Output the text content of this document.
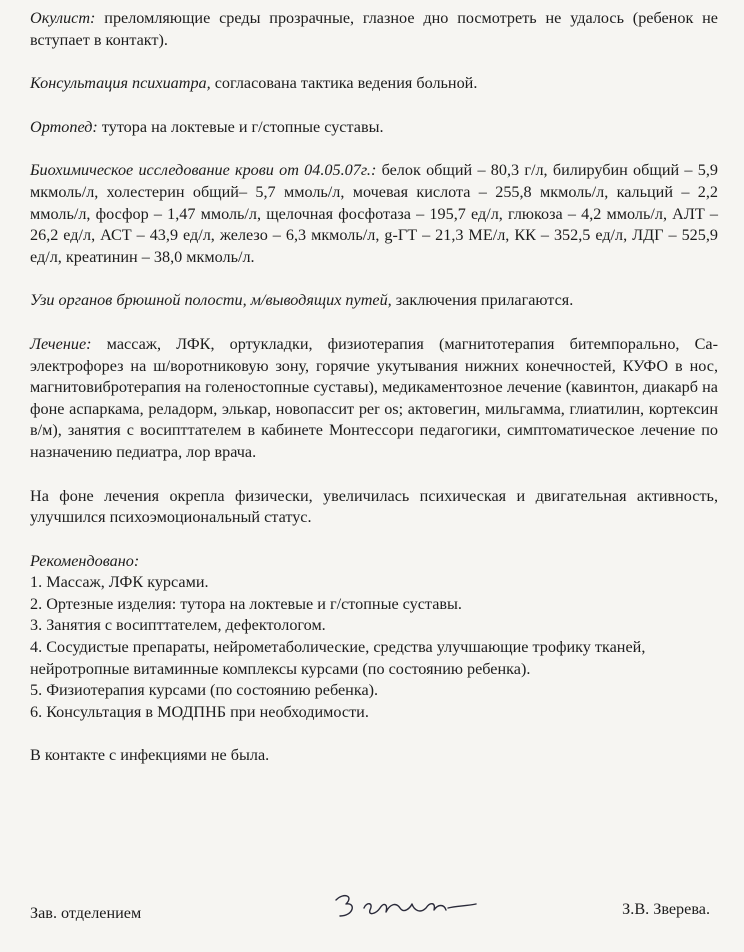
Окулист: преломляющие среды прозрачные, глазное дно посмотреть не удалось (ребенок не вступает в контакт).

Консультация психиатра, согласована тактика ведения больной.

Ортопед: тутора на локтевые и г/стопные суставы.

Биохимическое исследование крови от 04.05.07г.: белок общий – 80,3 г/л, билирубин общий – 5,9 мкмоль/л, холестерин общий– 5,7 ммоль/л, мочевая кислота – 255,8 мкмоль/л, кальций – 2,2 ммоль/л, фосфор – 1,47 ммоль/л, щелочная фосфотаза – 195,7 ед/л, глюкоза – 4,2 ммоль/л, АЛТ – 26,2 ед/л, АСТ – 43,9 ед/л, железо – 6,3 мкмоль/л, g-ГТ – 21,3 МЕ/л, КК – 352,5 ед/л, ЛДГ – 525,9 ед/л, креатинин – 38,0 мкмоль/л.

Узи органов брюшной полости, м/выводящих путей, заключения прилагаются.

Лечение: массаж, ЛФК, ортукладки, физиотерапия (магнитотерапия битемпорально, Ca-электрофорез на ш/воротниковую зону, горячие укутывания нижних конечностей, КУФО в нос, магнитовибротерапия на голеностопные суставы), медикаментозное лечение (кавинтон, диакарб на фоне аспаркама, реладорм, элькар, новопассит per os; актовегин, мильгамма, глиатилин, кортексин в/м), занятия с восипттателем в кабинете Монтессори педагогики, симптоматическое лечение по назначению педиатра, лор врача.

На фоне лечения окрепла физически, увеличилась психическая и двигательная активность, улучшился психоэмоциональный статус.

Рекомендовано:
1. Массаж, ЛФК курсами.
2. Ортезные изделия: тутора на локтевые и г/стопные суставы.
3. Занятия с восипттателем, дефектологом.
4. Сосудистые препараты, нейрометаболические, средства улучшающие трофику тканей, нейротропные витаминные комплексы курсами (по состоянию ребенка).
5. Физиотерапия курсами (по состоянию ребенка).
6. Консультация в МОДПНБ при необходимости.

В контакте с инфекциями не была.

Зав. отделением	З.В. Зверева.
